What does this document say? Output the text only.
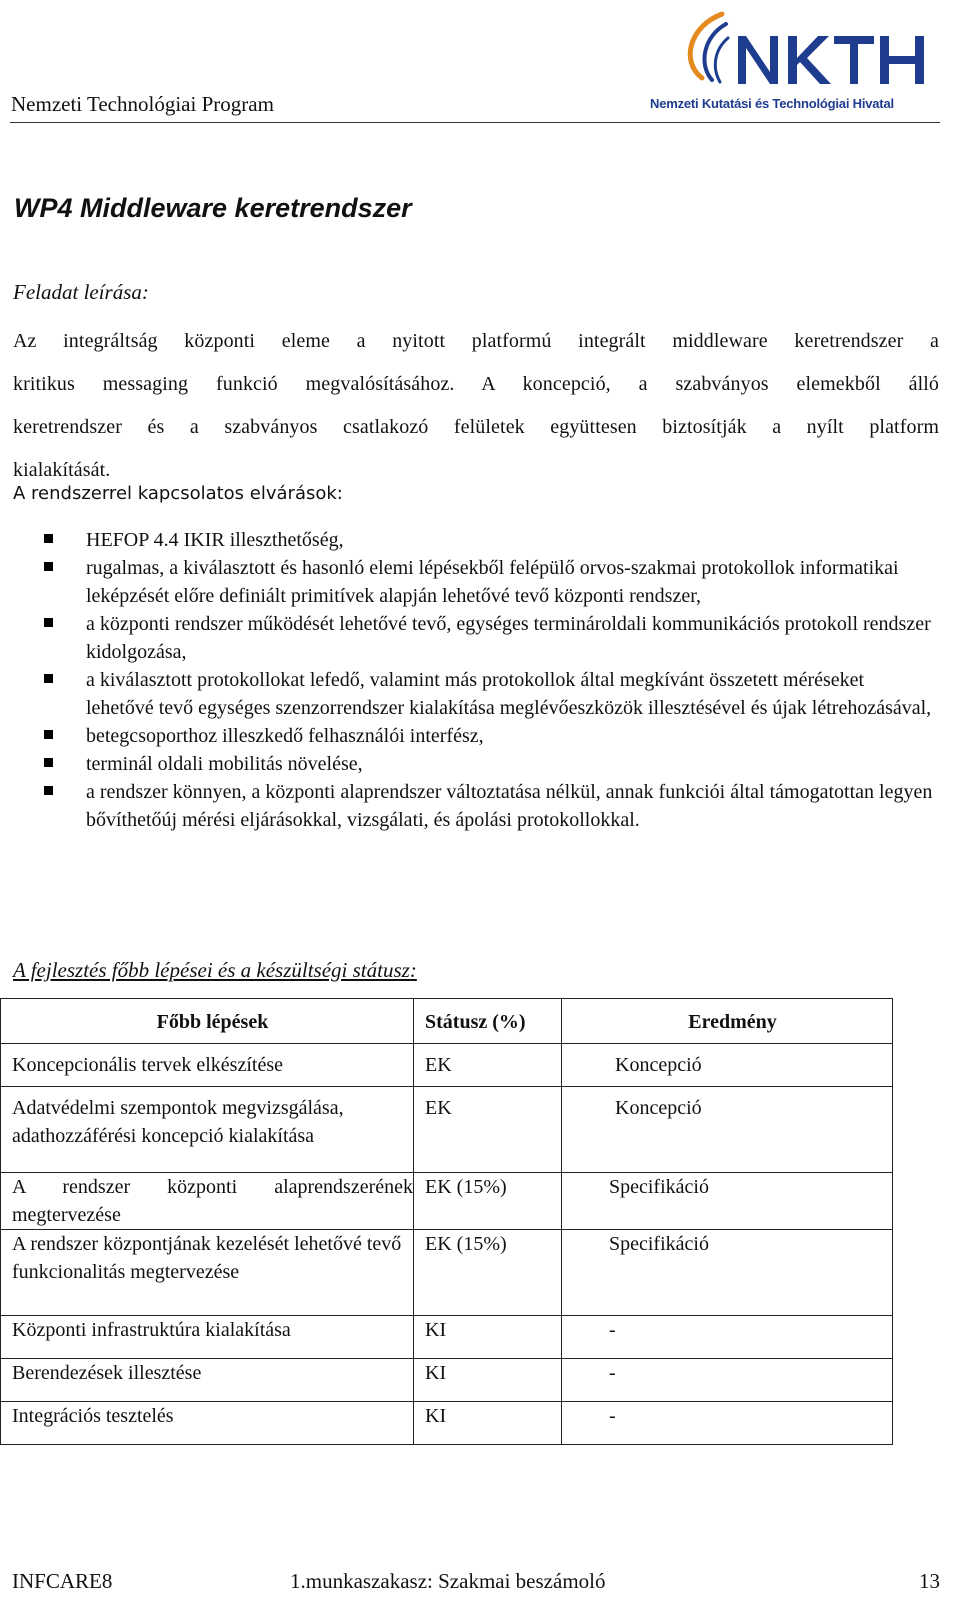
Nemzeti Technológiai Program	Nemzeti Kutatási és Technológiai Hivatal
WP4 Middleware keretrendszer
Feladat leírása:
Az integráltság központi eleme a nyitott platformú integrált middleware keretrendszer a
kritikus messaging funkció megvalósításához. A koncepció, a szabványos elemekből álló
keretrendszer és a szabványos csatlakozó felületek együttesen biztosítják a nyílt platform
kialakítását.
A rendszerrel kapcsolatos elvárások:
HEFOP 4.4 IKIR illeszthetőség,
rugalmas, a kiválasztott és hasonló elemi lépésekből felépülő orvos-szakmai protokollok informatikai leképzését előre definiált primitívek alapján lehetővé tevő központi rendszer,
a központi rendszer működését lehetővé tevő, egységes terminároldali kommunikációs protokoll rendszer kidolgozása,
a kiválasztott protokollokat lefedő, valamint más protokollok által megkívánt összetett méréseket lehetővé tevő egységes szenzorrendszer kialakítása meglévőeszközök illesztésével és újak létrehozásával,
betegcsoporthoz illeszkedő felhasználói interfész,
terminál oldali mobilitás növelése,
a rendszer könnyen, a központi alaprendszer változtatása nélkül, annak funkciói által támogatottan legyen bővíthetőúj mérési eljárásokkal, vizsgálati, és ápolási protokollokkal.
A fejlesztés főbb lépései és a készültségi státusz:
Főbb lépések	Státusz (%)	Eredmény
Koncepcionális tervek elkészítése	EK	Koncepció
Adatvédelmi szempontok megvizsgálása, adathozzáférési koncepció kialakítása	EK	Koncepció
A rendszer központi alaprendszerének megtervezése	EK (15%)	Specifikáció
A rendszer központjának kezelését lehetővé tevő funkcionalitás megtervezése	EK (15%)	Specifikáció
Központi infrastruktúra kialakítása	KI	-
Berendezések illesztése	KI	-
Integrációs tesztelés	KI	-
INFCARE8	1.munkaszakasz: Szakmai beszámoló	13
